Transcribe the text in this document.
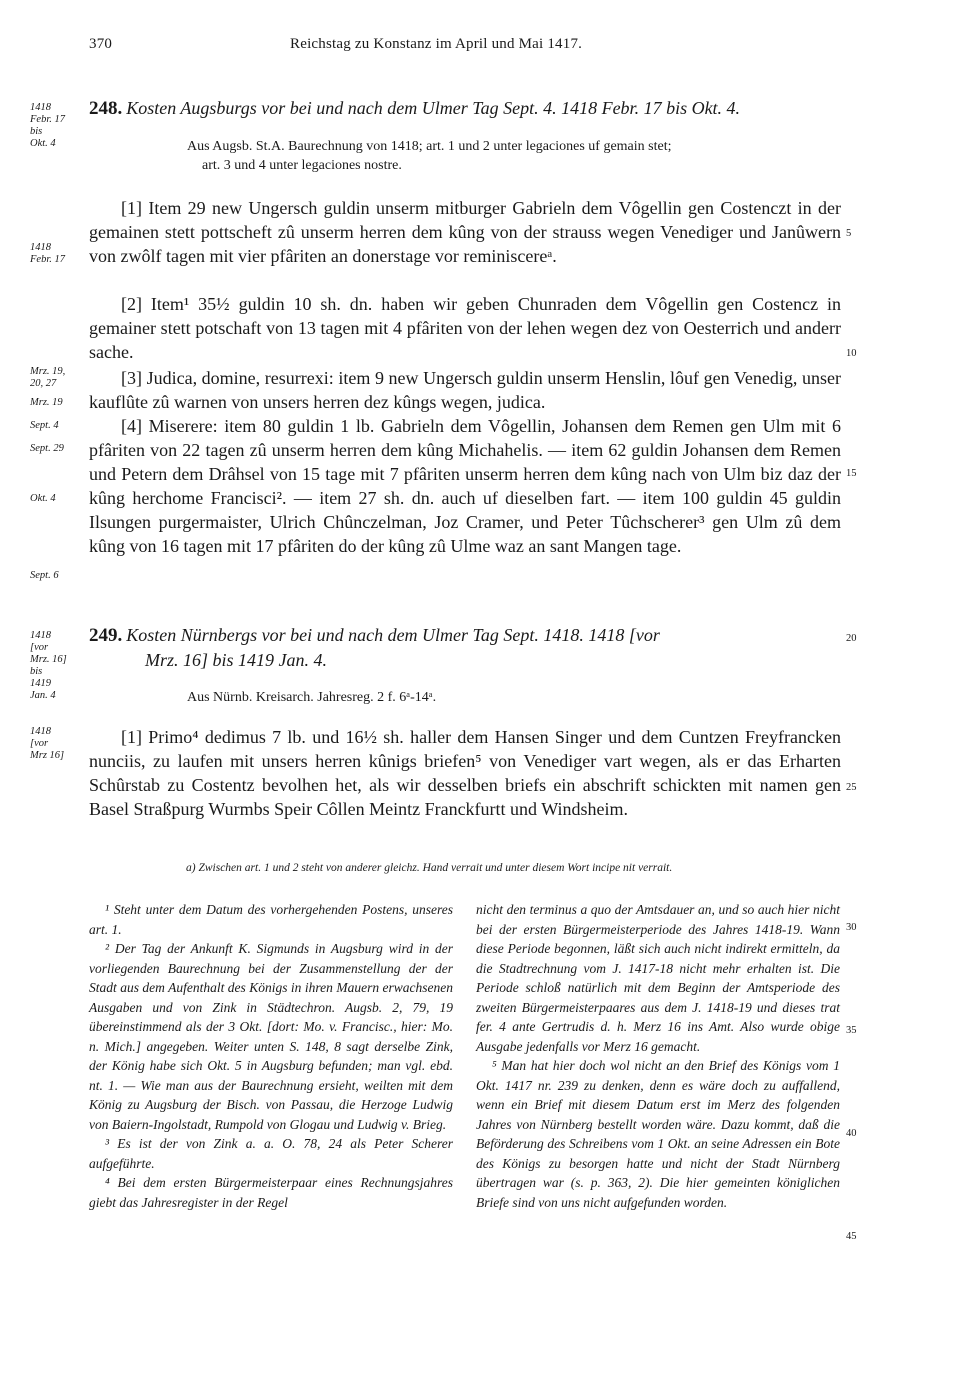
370	Reichstag zu Konstanz im April und Mai 1417.
1418
Febr. 17
bis
Okt. 4
248. Kosten Augsburgs vor bei und nach dem Ulmer Tag Sept. 4. 1418 Febr. 17 bis Okt. 4.
Aus Augsb. St.A. Baurechnung von 1418; art. 1 und 2 unter legaciones uf gemain stet;
art. 3 und 4 unter legaciones nostre.
[1] Item 29 new Ungersch guldin unserm mitburger Gabrieln dem Vôgellin gen Costenczt in der gemainen stett pottscheft zû unserm herren dem kûng von der strauss wegen Venediger und Janûwern von zwôlf tagen mit vier pfâriten an donerstage vor reminiscereᵃ.
[2] Item¹ 35½ guldin 10 sh. dn. haben wir geben Chunraden dem Vôgellin gen Costencz in gemainer stett potschaft von 13 tagen mit 4 pfâriten von der lehen wegen dez von Oesterrich und anderr sache.
[3] Judica, domine, resurrexi: item 9 new Ungersch guldin unserm Henslin, lôuf gen Venedig, unser kauflûte zû warnen von unsers herren dez kûngs wegen, judica.
[4] Miserere: item 80 guldin 1 lb. Gabrieln dem Vôgellin, Johansen dem Remen gen Ulm mit 6 pfâriten von 22 tagen zû unserm herren dem kûng Michahelis. — item 62 guldin Johansen dem Remen und Petern dem Drâhsel von 15 tage mit 7 pfâriten unserm herren dem kûng nach von Ulm biz daz der kûng herchome Francisci². — item 27 sh. dn. auch uf dieselben fart. — item 100 guldin 45 guldin Ilsungen purgermaister, Ulrich Chûnczelman, Joz Cramer, und Peter Tûchscherer³ gen Ulm zû dem kûng von 16 tagen mit 17 pfâriten do der kûng zû Ulme waz an sant Mangen tage.
1418
Febr. 17
Mrz. 19,
20, 27
Mrz. 19
Sept. 4
Sept. 29
Okt. 4
Sept. 6
1418
[vor
Mrz. 16]
bis
1419
Jan. 4
249. Kosten Nürnbergs vor bei und nach dem Ulmer Tag Sept. 1418. 1418 [vor
Mrz. 16] bis 1419 Jan. 4.
Aus Nürnb. Kreisarch. Jahresreg. 2 f. 6ᵃ-14ᵃ.
1418
[vor
Mrz 16]
[1] Primo⁴ dedimus 7 lb. und 16½ sh. haller dem Hansen Singer und dem Cuntzen Freyfrancken nunciis, zu laufen mit unsers herren kûnigs briefen⁵ von Venediger vart wegen, als er das Erharten Schûrstab zu Costentz bevolhen het, als wir desselben briefs ein abschrift schickten mit namen gen Basel Straßpurg Wurmbs Speir Côllen Meintz Franckfurtt und Windsheim.
5
10
15
20
25
30
35
40
45
a) Zwischen art. 1 und 2 steht von anderer gleichz. Hand verrait und unter diesem Wort incipe nit verrait.
¹ Steht unter dem Datum des vorhergehenden Postens, unseres art. 1.
² Der Tag der Ankunft K. Sigmunds in Augsburg wird in der vorliegenden Baurechnung bei der Zusammenstellung der der Stadt aus dem Aufenthalt des Königs in ihren Mauern erwachsenen Ausgaben und von Zink in Städtechron. Augsb. 2, 79, 19 übereinstimmend als der 3 Okt. [dort: Mo. v. Francisc., hier: Mo. n. Mich.] angegeben. Weiter unten S. 148, 8 sagt derselbe Zink, der König habe sich Okt. 5 in Augsburg befunden; man vgl. ebd. nt. 1. — Wie man aus der Baurechnung ersieht, weilten mit dem König zu Augsburg der Bisch. von Passau, die Herzoge Ludwig von Baiern-Ingolstadt, Rumpold von Glogau und Ludwig v. Brieg.
³ Es ist der von Zink a. a. O. 78, 24 als Peter Scherer aufgeführte.
⁴ Bei dem ersten Bürgermeisterpaar eines Rechnungsjahres giebt das Jahresregister in der Regel
nicht den terminus a quo der Amtsdauer an, und so auch hier nicht bei der ersten Bürgermeisterperiode des Jahres 1418-19. Wann diese Periode begonnen, läßt sich auch nicht indirekt ermitteln, da die Stadtrechnung vom J. 1417-18 nicht mehr erhalten ist. Die Periode schloß natürlich mit dem Beginn der Amtsperiode des zweiten Bürgermeisterpaares aus dem J. 1418-19 und dieses trat fer. 4 ante Gertrudis d. h. Merz 16 ins Amt. Also wurde obige Ausgabe jedenfalls vor Merz 16 gemacht.
⁵ Man hat hier doch wol nicht an den Brief des Königs vom 1 Okt. 1417 nr. 239 zu denken, denn es wäre doch zu auffallend, wenn ein Brief mit diesem Datum erst im Merz des folgenden Jahres von Nürnberg bestellt worden wäre. Dazu kommt, daß die Beförderung des Schreibens vom 1 Okt. an seine Adressen ein Bote des Königs zu besorgen hatte und nicht der Stadt Nürnberg übertragen war (s. p. 363, 2). Die hier gemeinten königlichen Briefe sind von uns nicht aufgefunden worden.
